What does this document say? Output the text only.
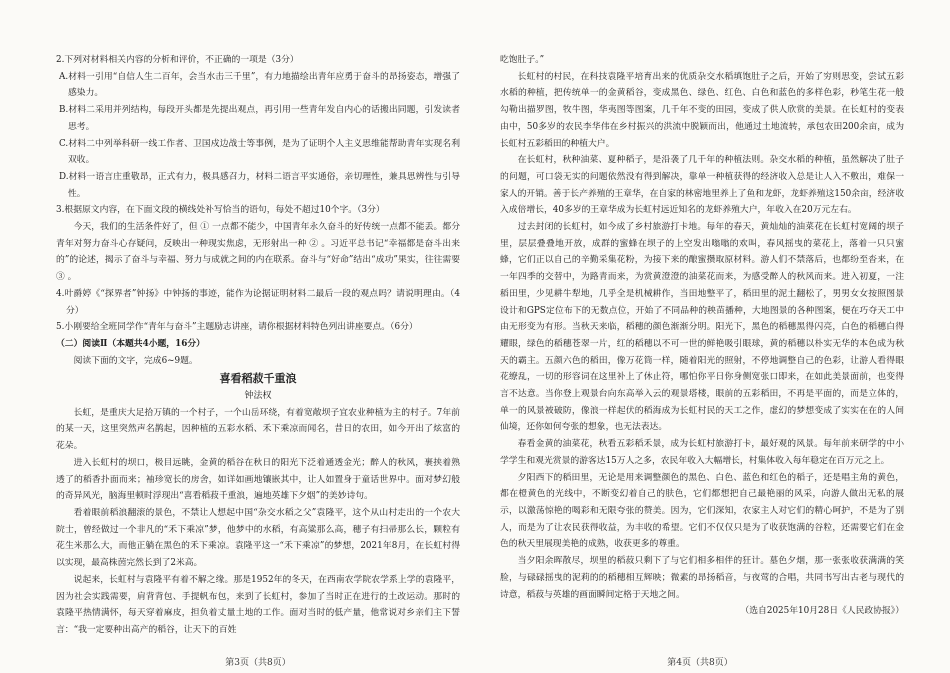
2.下列对材料相关内容的分析和评价，不正确的一项是（3分）

A.材料一引用“自信人生二百年，会当水击三千里”，有力地描绘出青年应勇于奋斗的昂扬姿态，增强了感染力。

B.材料二采用并列结构，每段开头都是先提出观点，再引用一些青年发自内心的话搬出同题，引发读者思考。

C.材料二中列举科研一线工作者、卫国戍边战士等事例，是为了证明个人主义思维能帮助青年实现名利双收。

D.材料一语言庄重敬昂，正式有力，极具感召力，材料二语言平实通俗，亲切理性，兼具思辨性与引导性。

3.根据原文内容，在下面文段的横线处补写恰当的语句，每处不超过10个字。（3分）

今天，我们的生活条件好了，但 ① 一点都不能少，中国青年永久奋斗的好传统一点都不能丢。都分青年对努力奋斗心存疑问，反映出一种现实焦虑，无形射出一种 ② 。习近平总书记“幸福都是奋斗出来的”的论述，揭示了奋斗与幸福、努力与成就之间的内在联系。奋斗与“好命”结出“成功”果实，往往需要 ③ 。

4.叶爵婷《“探界者”钟扬》中钟扬的事迹，能作为论据证明材料二最后一段的观点吗？请说明理由。（4分）

5.小刚要给全班同学作“青年与奋斗”主题励志讲座，请你根据材料特色列出讲座要点。（6分）

（二）阅读Ⅱ（本题共4小题，16分）

阅读下面的文字，完成6~9题。

喜看稻菽千重浪

钟法权

长虹，是重庆大足拾万镇的一个村子，一个山岳环绕，有着宽敞坝子宜农业种植为主的村子。7年前的某一天，这里突然声名鹊起，因种植的五彩水稻、禾下乘凉而闻名，昔日的农田，如今开出了炫富的花朵。

进入长虹村的坝口，极目远眺，金黄的稻谷在秋日的阳光下泛着通透金光；醉人的秋风，裹挟着熟透了的稻香扑面而来；袖珍宽长的房舍，如详如画地镶嵌其中，让人如置身于童话世界中。面对梦幻般的奇异风光，脑海里顿时浮现出“喜看稻菽千重浪，遍地英雄下夕烟”的美妙诗句。

看着眼前稻浪翻滚的景色，不禁让人想起中国“杂交水稻之父”袁隆平，这个从山村走出的一个农大院士，曾经做过一个非凡的“禾下乘凉”梦，他梦中的水稻，有高粱那么高，穗子有扫帚那么长，颗粒有花生米那么大，而他正躺在黑色的禾下乘凉。袁隆平这一“禾下乘凉”的梦想，2021年8月，在长虹村得以实现，最高株茵完然长到了2米高。

说起来，长虹村与袁隆平有着不解之缘。那是1952年的冬天，在西南农学院农学系上学的袁隆平，因为社会实践需要，肩背背包、手提帆布包，来到了长虹村，参加了当时正在进行的土改运动。那时的袁隆平热情满怀，每天穿着麻皮，担负着丈量土地的工作。面对当时的低产量，他常说对乡亲们主下誓言：“我一定要种出高产的稻谷，让天下的百姓

吃饱肚子。”

长虹村的村民，在科技袁隆平培育出来的优质杂交水稻填饱肚子之后，开始了穷则思变，尝试五彩水稻的种植，把传统单一的金黄稻谷，变成黑色、绿色、红色、白色和蓝色的多样色彩，秒笔生花一般勾勒出描罗图，牧牛图，华夷图等图案，几千年不变的田园，变成了供人欣赏的美景。在长虹村的变表由中，50多岁的农民李华伟在乡村振兴的洪流中脱颖而出，他通过土地流转，承包农田200余亩，成为长虹村五彩稻田的种植大户。

在长虹村，秋种油菜、夏种稻子，是沿袭了几千年的种植法则。杂交水稻的种植，虽然解决了肚子的问题，可口袋无实的问题依然没有得到解决，靠单一种植获得的经济收入总是让人入不敷出，难保一家人的开销。善于长产养殖的王章华，在自家的林密地里养上了鱼和龙虾，龙虾养殖这150余亩，经济收入成倍增长，40多岁的王章华成为长虹村远近知名的龙虾养殖大户，年收入在20万元左右。

过去封闭的长虹村，如今成了乡村旅游打卡地。每年的春天，黄灿灿的油菜花在长虹村宽阔的坝子里，层层叠叠地开放，成群的蜜蜂在坝子的上空发出嗡嗡的欢叫，春风摇曳的菜花上，落着一只只蜜蜂，它们正以自己的辛勤采集花粉，为接下来的酿蜜攒取原材料。游人们不禁落后，也都纷至沓来，在一年四季的交替中，为路青而来，为赏黄澄澄的油菜花而来，为感受醉人的秋风而来。进入初夏，一注稻田里，少见耕牛犁地，几乎全是机械耕作，当田地整平了，稻田里的泥土翻松了，男男女女按照图景设计和GPS定位布下的无数点位，开始了不同品种的秧苗播种，大地图景的各种图案，便在巧夺天工中由无形变为有形。当秋天来临，稻穗的颜色渐渐分明。阳光下，黑色的稻穗黑得闪亮，白色的稻穗白得耀眼，绿色的稻穗苍翠一片，红的稻穗以不可一世的鲜艳吸引眼球，黄的稻穗以朴实无华的本色成为秋天的霸主。五颜六色的稻田，像万花筒一样，随着阳光的照射，不停地调整自己的色彩，让游人看得眼花缭乱，一切的形容词在这里补上了休止符，哪怕你平日你身侧宽张口即来，在如此美景面前，也变得言不达意。当你登上观景台向东高举入云的观景塔楼，眼前的五彩稻田，不再是平面的，而是立体的，单一的风景被破防，像浪一样起伏的稻海成为长虹村民的天工之作，虚幻的梦想变成了实实在在的人间仙境，还你如何夸张的想象，也无法表达。

春看金黄的油菜花，秋看五彩稻禾景，成为长虹村旅游打卡，最好观的风景。每年前来研学的中小学学生和观光赏景的游客达15万人之多，农民年收入大幅增长，村集体收入每年稳定在百万元之上。

夕阳西下的稻田里，无论是用来调整颜色的黑色、白色、蓝色和红色的稻子，还是唱主角的黄色，都在橙黄色的光线中，不断变幻着自己的肤色，它们都想把自己最艳丽的风采，向游人做出无私的展示，以激荡惊艳的喝彩和无限夸张的赞美。因为，它们深知，农家主人对它们的精心呵护，不是为了别人，而是为了让农民获得收益，为丰收的希望。它们不仅仅只是为了收获饱满的谷粒，还需要它们在金色的秋天里展现美艳的成熟，收获更多的尊重。

当夕阳余晖散尽，坝里的稻菽只剩下了与它们相多相伴的狂计。墓色夕烟，那一张张收获满满的笑脸，与碌碌摇曳的泥莉的的稻穗相互辉映；微素的昂扬稻音，与夜莺的合唱，共同书写出古老与现代的诗意，稻菽与英雄的画面瞬间定格于天地之间。

（选自2025年10月28日《人民政协报》）

第3页（共8页）	第4页（共8页）
